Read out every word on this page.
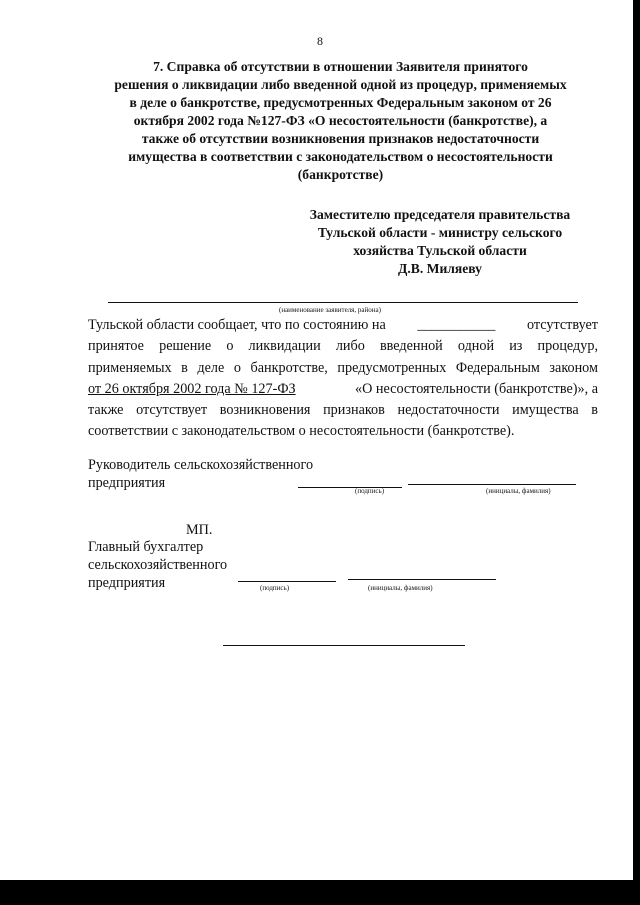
8
7. Справка об отсутствии в отношении Заявителя принятого
решения о ликвидации либо введенной одной из процедур, применяемых
в деле о банкротстве, предусмотренных Федеральным законом от 26
октября 2002 года №127-ФЗ «О несостоятельности (банкротстве), а
также об отсутствии возникновения признаков недостаточности
имущества в соответствии с законодательством о несостоятельности
(банкротстве)
Заместителю председателя правительства
Тульской области - министру сельского
хозяйства Тульской области
Д.В. Миляеву
(наименование заявителя, района)

Тульской области сообщает, что по состоянию на ___________ отсутствует

принятое решение о ликвидации либо введенной одной из процедур,

применяемых в деле о банкротстве, предусмотренных Федеральным законом

от 26 октября 2002 года № 127-ФЗ	«О несостоятельности (банкротстве)», а

также отсутствует возникновения признаков недостаточности имущества в

соответствии с законодательством о несостоятельности (банкротстве).

Руководитель сельскохозяйственного
предприятия	(подпись)	(инициалы, фамилия)
МП.
Главный бухгалтер
сельскохозяйственного
предприятия	(подпись)	(инициалы, фамилия)
